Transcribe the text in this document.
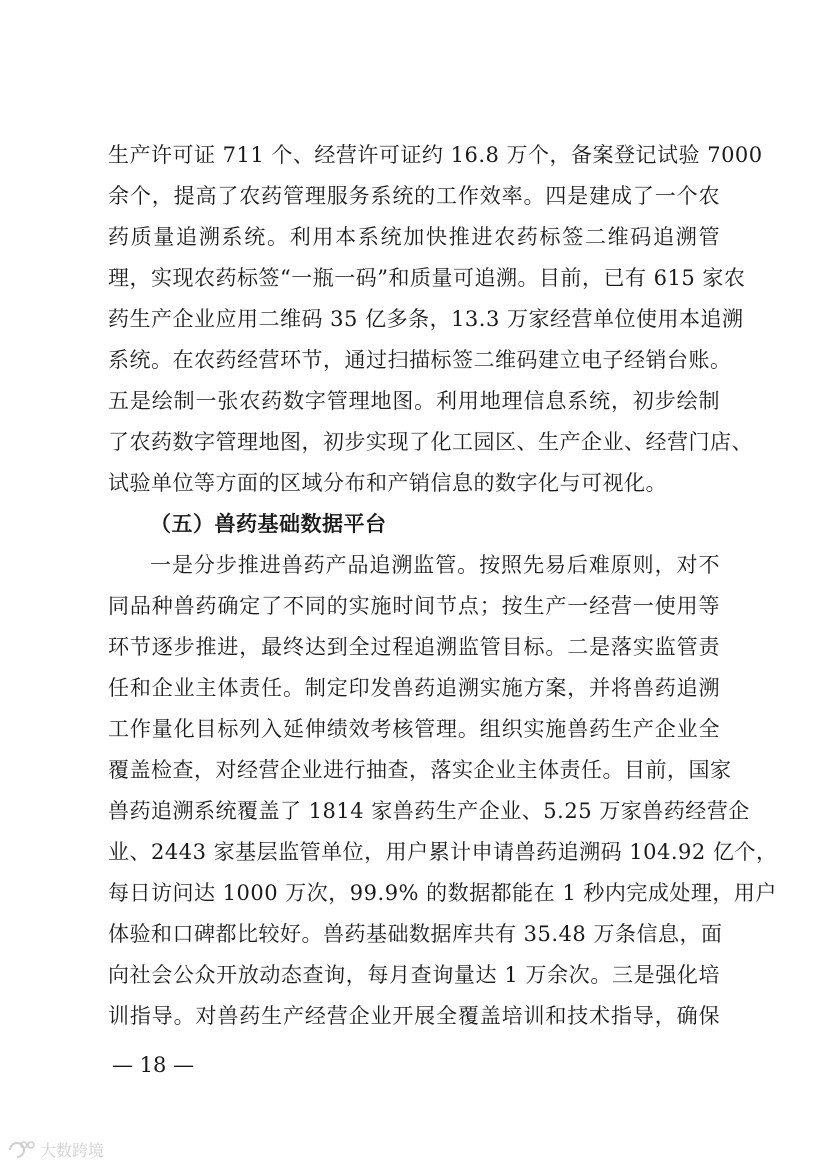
生产许可证 711 个、经营许可证约 16.8 万个，备案登记试验 7000
余个，提高了农药管理服务系统的工作效率。四是建成了一个农
药质量追溯系统。利用本系统加快推进农药标签二维码追溯管
理，实现农药标签“一瓶一码”和质量可追溯。目前，已有 615 家农
药生产企业应用二维码 35 亿多条，13.3 万家经营单位使用本追溯
系统。在农药经营环节，通过扫描标签二维码建立电子经销台账。
五是绘制一张农药数字管理地图。利用地理信息系统，初步绘制
了农药数字管理地图，初步实现了化工园区、生产企业、经营门店、
试验单位等方面的区域分布和产销信息的数字化与可视化。
（五）兽药基础数据平台
一是分步推进兽药产品追溯监管。按照先易后难原则，对不
同品种兽药确定了不同的实施时间节点；按生产一经营一使用等
环节逐步推进，最终达到全过程追溯监管目标。二是落实监管责
任和企业主体责任。制定印发兽药追溯实施方案，并将兽药追溯
工作量化目标列入延伸绩效考核管理。组织实施兽药生产企业全
覆盖检查，对经营企业进行抽查，落实企业主体责任。目前，国家
兽药追溯系统覆盖了 1814 家兽药生产企业、5.25 万家兽药经营企
业、2443 家基层监管单位，用户累计申请兽药追溯码 104.92 亿个，
每日访问达 1000 万次，99.9% 的数据都能在 1 秒内完成处理，用户
体验和口碑都比较好。兽药基础数据库共有 35.48 万条信息，面
向社会公众开放动态查询，每月查询量达 1 万余次。三是强化培
训指导。对兽药生产经营企业开展全覆盖培训和技术指导，确保
— 18 —
大数跨境
